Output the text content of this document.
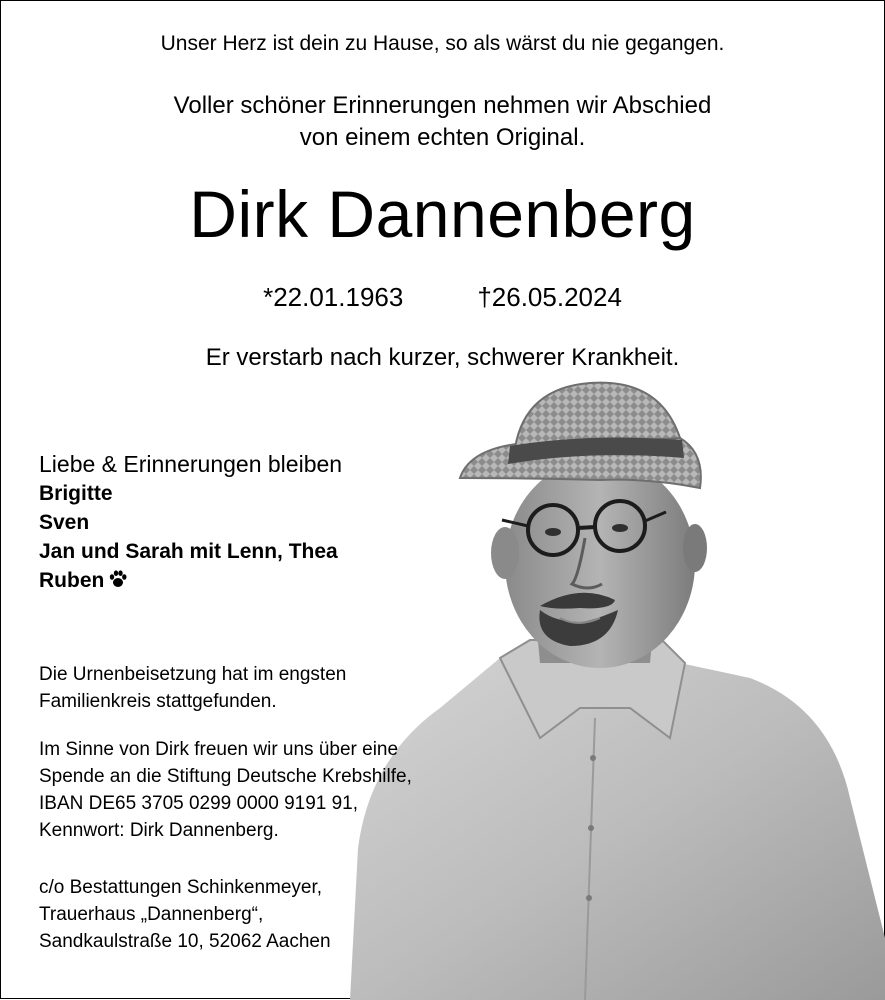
Unser Herz ist dein zu Hause, so als wärst du nie gegangen.
Voller schöner Erinnerungen nehmen wir Abschied
von einem echten Original.
Dirk Dannenberg
*22.01.1963	†26.05.2024
Er verstarb nach kurzer, schwerer Krankheit.
Liebe & Erinnerungen bleiben
Brigitte
Sven
Jan und Sarah mit Lenn, Thea
Ruben
Die Urnenbeisetzung hat im engsten
Familienkreis stattgefunden.
Im Sinne von Dirk freuen wir uns über eine
Spende an die Stiftung Deutsche Krebshilfe,
IBAN DE65 3705 0299 0000 9191 91,
Kennwort: Dirk Dannenberg.
c/o Bestattungen Schinkenmeyer,
Trauerhaus „Dannenberg“,
Sandkaulstraße 10, 52062 Aachen
